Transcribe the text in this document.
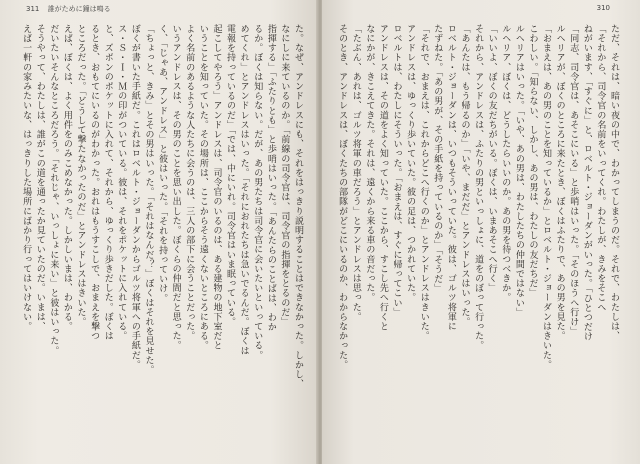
311 誰がために鐘は鳴る	310
た。なぜ、アンドレスにも、それをはっきり説明することはできなかった。しかし、
なにしに来ているのか。「前線の司令官は、司令官の指揮をとるのだ」
指揮する」「ふたりとも」と歩哨はいった。「あんたらのことばは、わか
るか。ぼくは知らない。だが、あの男たちは司令官に会いたいといっている。
めてくれ」とアンドレスはいった。「それにおれたちは急いでるんだ。ぼくは
電報を持っているのだ」「では、中にいれ。司令官はいま眠っている。
起こしてやろう」アンドレスは、司令官のいるのは、ある建物の地下室だと
いうことを知っていた。その場所は、ここからそう遠くないところにある。
よく名前のあるような人たちに会うのは、三人の部下に会うことだった。
いうアンドレスは、その男のことを思い出した。ぼくらの仲間だと思った。
く、「じゃあ、アンドレス」と彼はいった。「それを持っていけ。
「ちょっと、きみ」とその男はいった。「それはなんだ？」ぼくはそれを見せた。
ぼくが書いた手紙だ。これはロベルト・ジョーダンからゴルツ将軍への手紙だ。
ス・Ｓ・Ｉ・Ｍの印がついている。彼は、それをポケットに入れている。
と、ズボンのポケットに入れて、それから、ゆっくり歩きだした。ぼくは
るとき、おもてにいるのがわかった。おれはもうすこしで、おまえを撃つ
ところだった。「どうして撃たなかったのだ」とアンドレスはきいた。
えば、ぼくは、よく用件をのみこめなかった。しかしいまは、わかる。
だいたいそんなところだろう。「それじゃ、いっしょに来い」と彼はいった。
そうやって、わたしは、誰がこの道を通ったか見ていたのだ。いまは、
えば一軒の家みたいな、はっきりした場所にばかり行ってはいけない。	ただ、それは、暗い夜の中で、わかってしまうのだ。それで、わたしは、
「それから、司令官の名前をいってくれ。わたしが、きみをそこへ
ねがいます、「すぐに」と、ロベルト・ジョーダンがいった。「ひとつだけ
「同志、司令官は、あそこにいる」と歩哨はいった。「そのほうへ行け」
ルヘリアが、ぼくのところに来たとき、ぼくはふたりで、あの男を見た。
「おまえは、あの男のことを知っているか」とロベルト・ジョーダンはきいた。
こわしい。「知らない、しかし、あの男は、わたしの友だちだ」
ルヘリアはいった。「いや、あの男は、わたしたちの仲間ではない」
ルヘリア、ぼくは、どうしたらいいのか。あの男を待つべきか。
「いいよ、ぼくの友だちがいる。ぼくは、いまあそこへ行く」
それから、アンドレスは、ふたりの男といっしょに、道をのぼって行った。
「あんたは、もう帰るのか」「いや、まだだ」とアンドレスはいった。
ロベルト・ジョーダンは、いつもそういっていた。彼は、ゴルツ将軍に
たずねた。「あの男が、その手紙を持っているのか」「そうだ」
「それで、おまえは、これからどこへ行くのか」とアンドレスはきいた。
アンドレスは、ゆっくり歩いていた。彼の足は、つかれていた。
ロベルトは、わたしにそういった。「おまえは、すぐに帰ってこい」
アンドレスは、その道をよく知っていた。ここから、すこし先へ行くと
なにかが、きこえてきた。それは、遠くから来る車の音だった。
「たぶん、あれは、ゴルツ将軍の車だろう」とアンドレスは思った。
そのとき、アンドレスは、ぼくたちの部隊がどこにいるのか、わからなかった。
